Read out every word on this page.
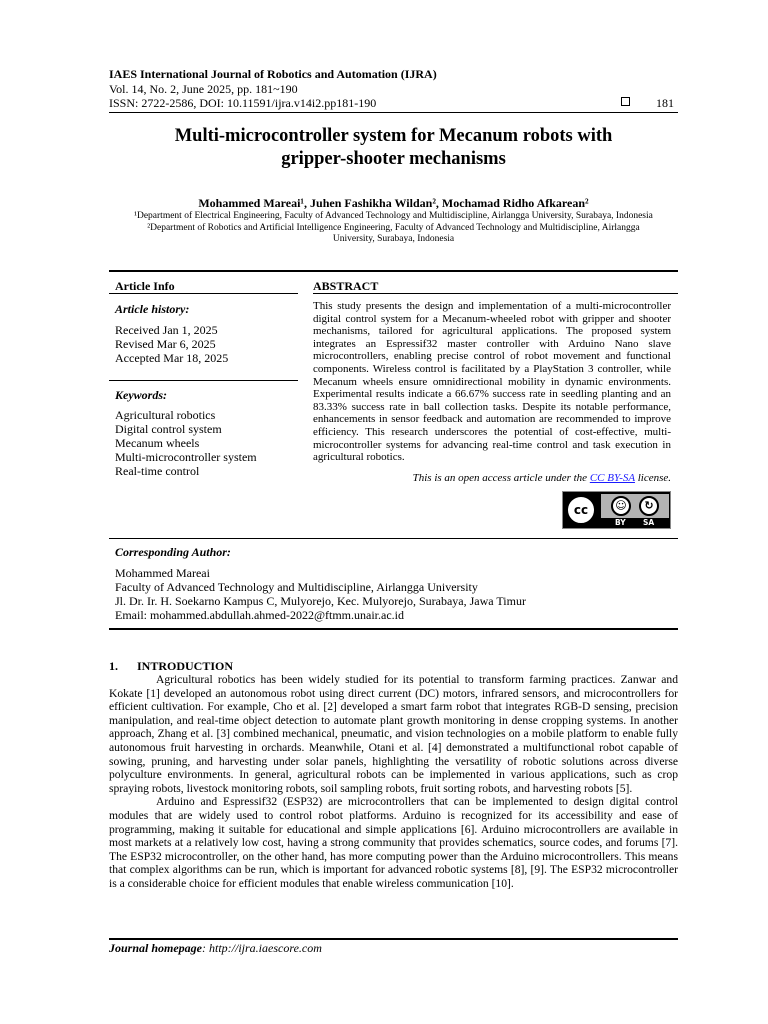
IAES International Journal of Robotics and Automation (IJRA)
Vol. 14, No. 2, June 2025, pp. 181~190
ISSN: 2722-2586, DOI: 10.11591/ijra.v14i2.pp181-190	181
Multi-microcontroller system for Mecanum robots with
gripper-shooter mechanisms
Mohammed Mareai¹, Juhen Fashikha Wildan², Mochamad Ridho Afkarean²
¹Department of Electrical Engineering, Faculty of Advanced Technology and Multidiscipline, Airlangga University, Surabaya, Indonesia
²Department of Robotics and Artificial Intelligence Engineering, Faculty of Advanced Technology and Multidiscipline, Airlangga
University, Surabaya, Indonesia
Article Info
Article history:
Received Jan 1, 2025
Revised Mar 6, 2025
Accepted Mar 18, 2025
Keywords:
Agricultural robotics
Digital control system
Mecanum wheels
Multi-microcontroller system
Real-time control
ABSTRACT
This study presents the design and implementation of a multi-microcontroller digital control system for a Mecanum-wheeled robot with gripper and shooter mechanisms, tailored for agricultural applications. The proposed system integrates an Espressif32 master controller with Arduino Nano slave microcontrollers, enabling precise control of robot movement and functional components. Wireless control is facilitated by a PlayStation 3 controller, while Mecanum wheels ensure omnidirectional mobility in dynamic environments. Experimental results indicate a 66.67% success rate in seedling planting and an 83.33% success rate in ball collection tasks. Despite its notable performance, enhancements in sensor feedback and automation are recommended to improve efficiency. This research underscores the potential of cost-effective, multi-microcontroller systems for advancing real-time control and task execution in agricultural robotics.
This is an open access article under the CC BY-SA license.
cc	☺	↻
BY SA
Corresponding Author:
Mohammed Mareai
Faculty of Advanced Technology and Multidiscipline, Airlangga University
Jl. Dr. Ir. H. Soekarno Kampus C, Mulyorejo, Kec. Mulyorejo, Surabaya, Jawa Timur
Email: mohammed.abdullah.ahmed-2022@ftmm.unair.ac.id
1. INTRODUCTION

Agricultural robotics has been widely studied for its potential to transform farming practices. Zanwar and Kokate [1] developed an autonomous robot using direct current (DC) motors, infrared sensors, and microcontrollers for efficient cultivation. For example, Cho et al. [2] developed a smart farm robot that integrates RGB-D sensing, precision manipulation, and real-time object detection to automate plant growth monitoring in dense cropping systems. In another approach, Zhang et al. [3] combined mechanical, pneumatic, and vision technologies on a mobile platform to enable fully autonomous fruit harvesting in orchards. Meanwhile, Otani et al. [4] demonstrated a multifunctional robot capable of sowing, pruning, and harvesting under solar panels, highlighting the versatility of robotic solutions across diverse polyculture environments. In general, agricultural robots can be implemented in various applications, such as crop spraying robots, livestock monitoring robots, soil sampling robots, fruit sorting robots, and harvesting robots [5].

Arduino and Espressif32 (ESP32) are microcontrollers that can be implemented to design digital control modules that are widely used to control robot platforms. Arduino is recognized for its accessibility and ease of programming, making it suitable for educational and simple applications [6]. Arduino microcontrollers are available in most markets at a relatively low cost, having a strong community that provides schematics, source codes, and forums [7]. The ESP32 microcontroller, on the other hand, has more computing power than the Arduino microcontrollers. This means that complex algorithms can be run, which is important for advanced robotic systems [8], [9]. The ESP32 microcontroller is a considerable choice for efficient modules that enable wireless communication [10].

Journal homepage: http://ijra.iaescore.com
